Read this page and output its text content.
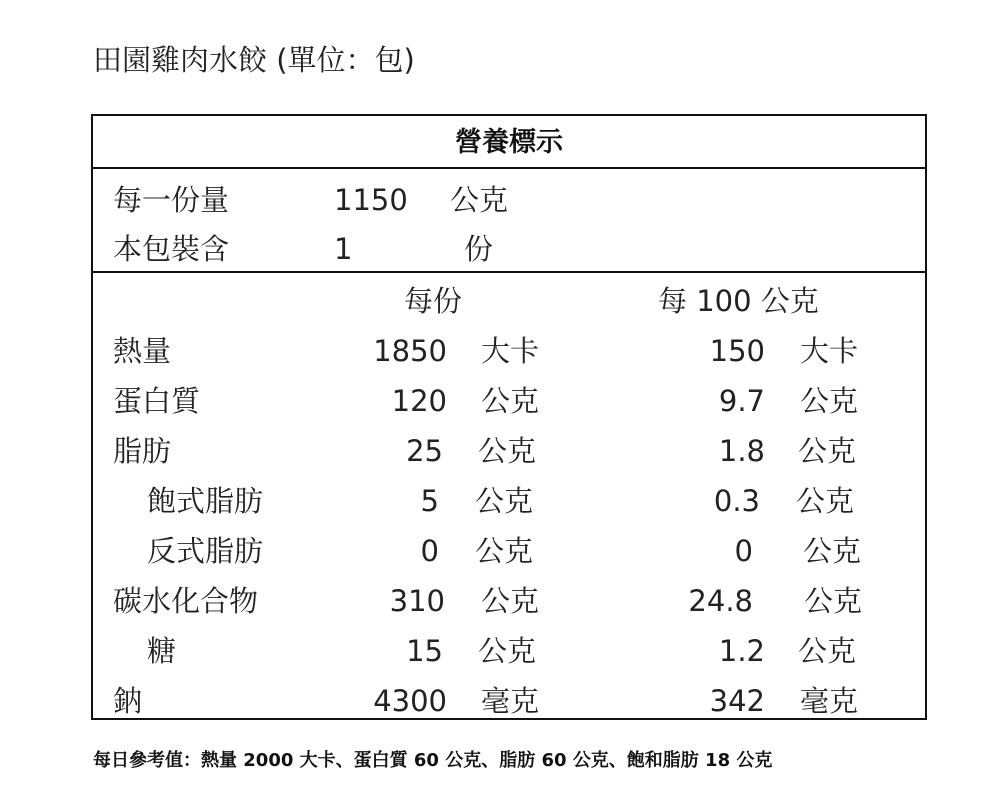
田園雞肉水餃 (單位：包)
營養標示
每一份量	1150 公克
本包裝含	1	份
每份	每 100 公克
熱量	1850 大卡	150 大卡
蛋白質	120 公克	9.7 公克
脂肪	25 公克	1.8 公克
飽式脂肪	5 公克	0.3 公克
反式脂肪	0 公克	0 公克
碳水化合物	310 公克	24.8 公克
糖	15 公克	1.2 公克
鈉	4300 毫克	342 毫克
每日參考值：熱量 2000 大卡、蛋白質 60 公克、脂肪 60 公克、飽和脂肪 18 公克
